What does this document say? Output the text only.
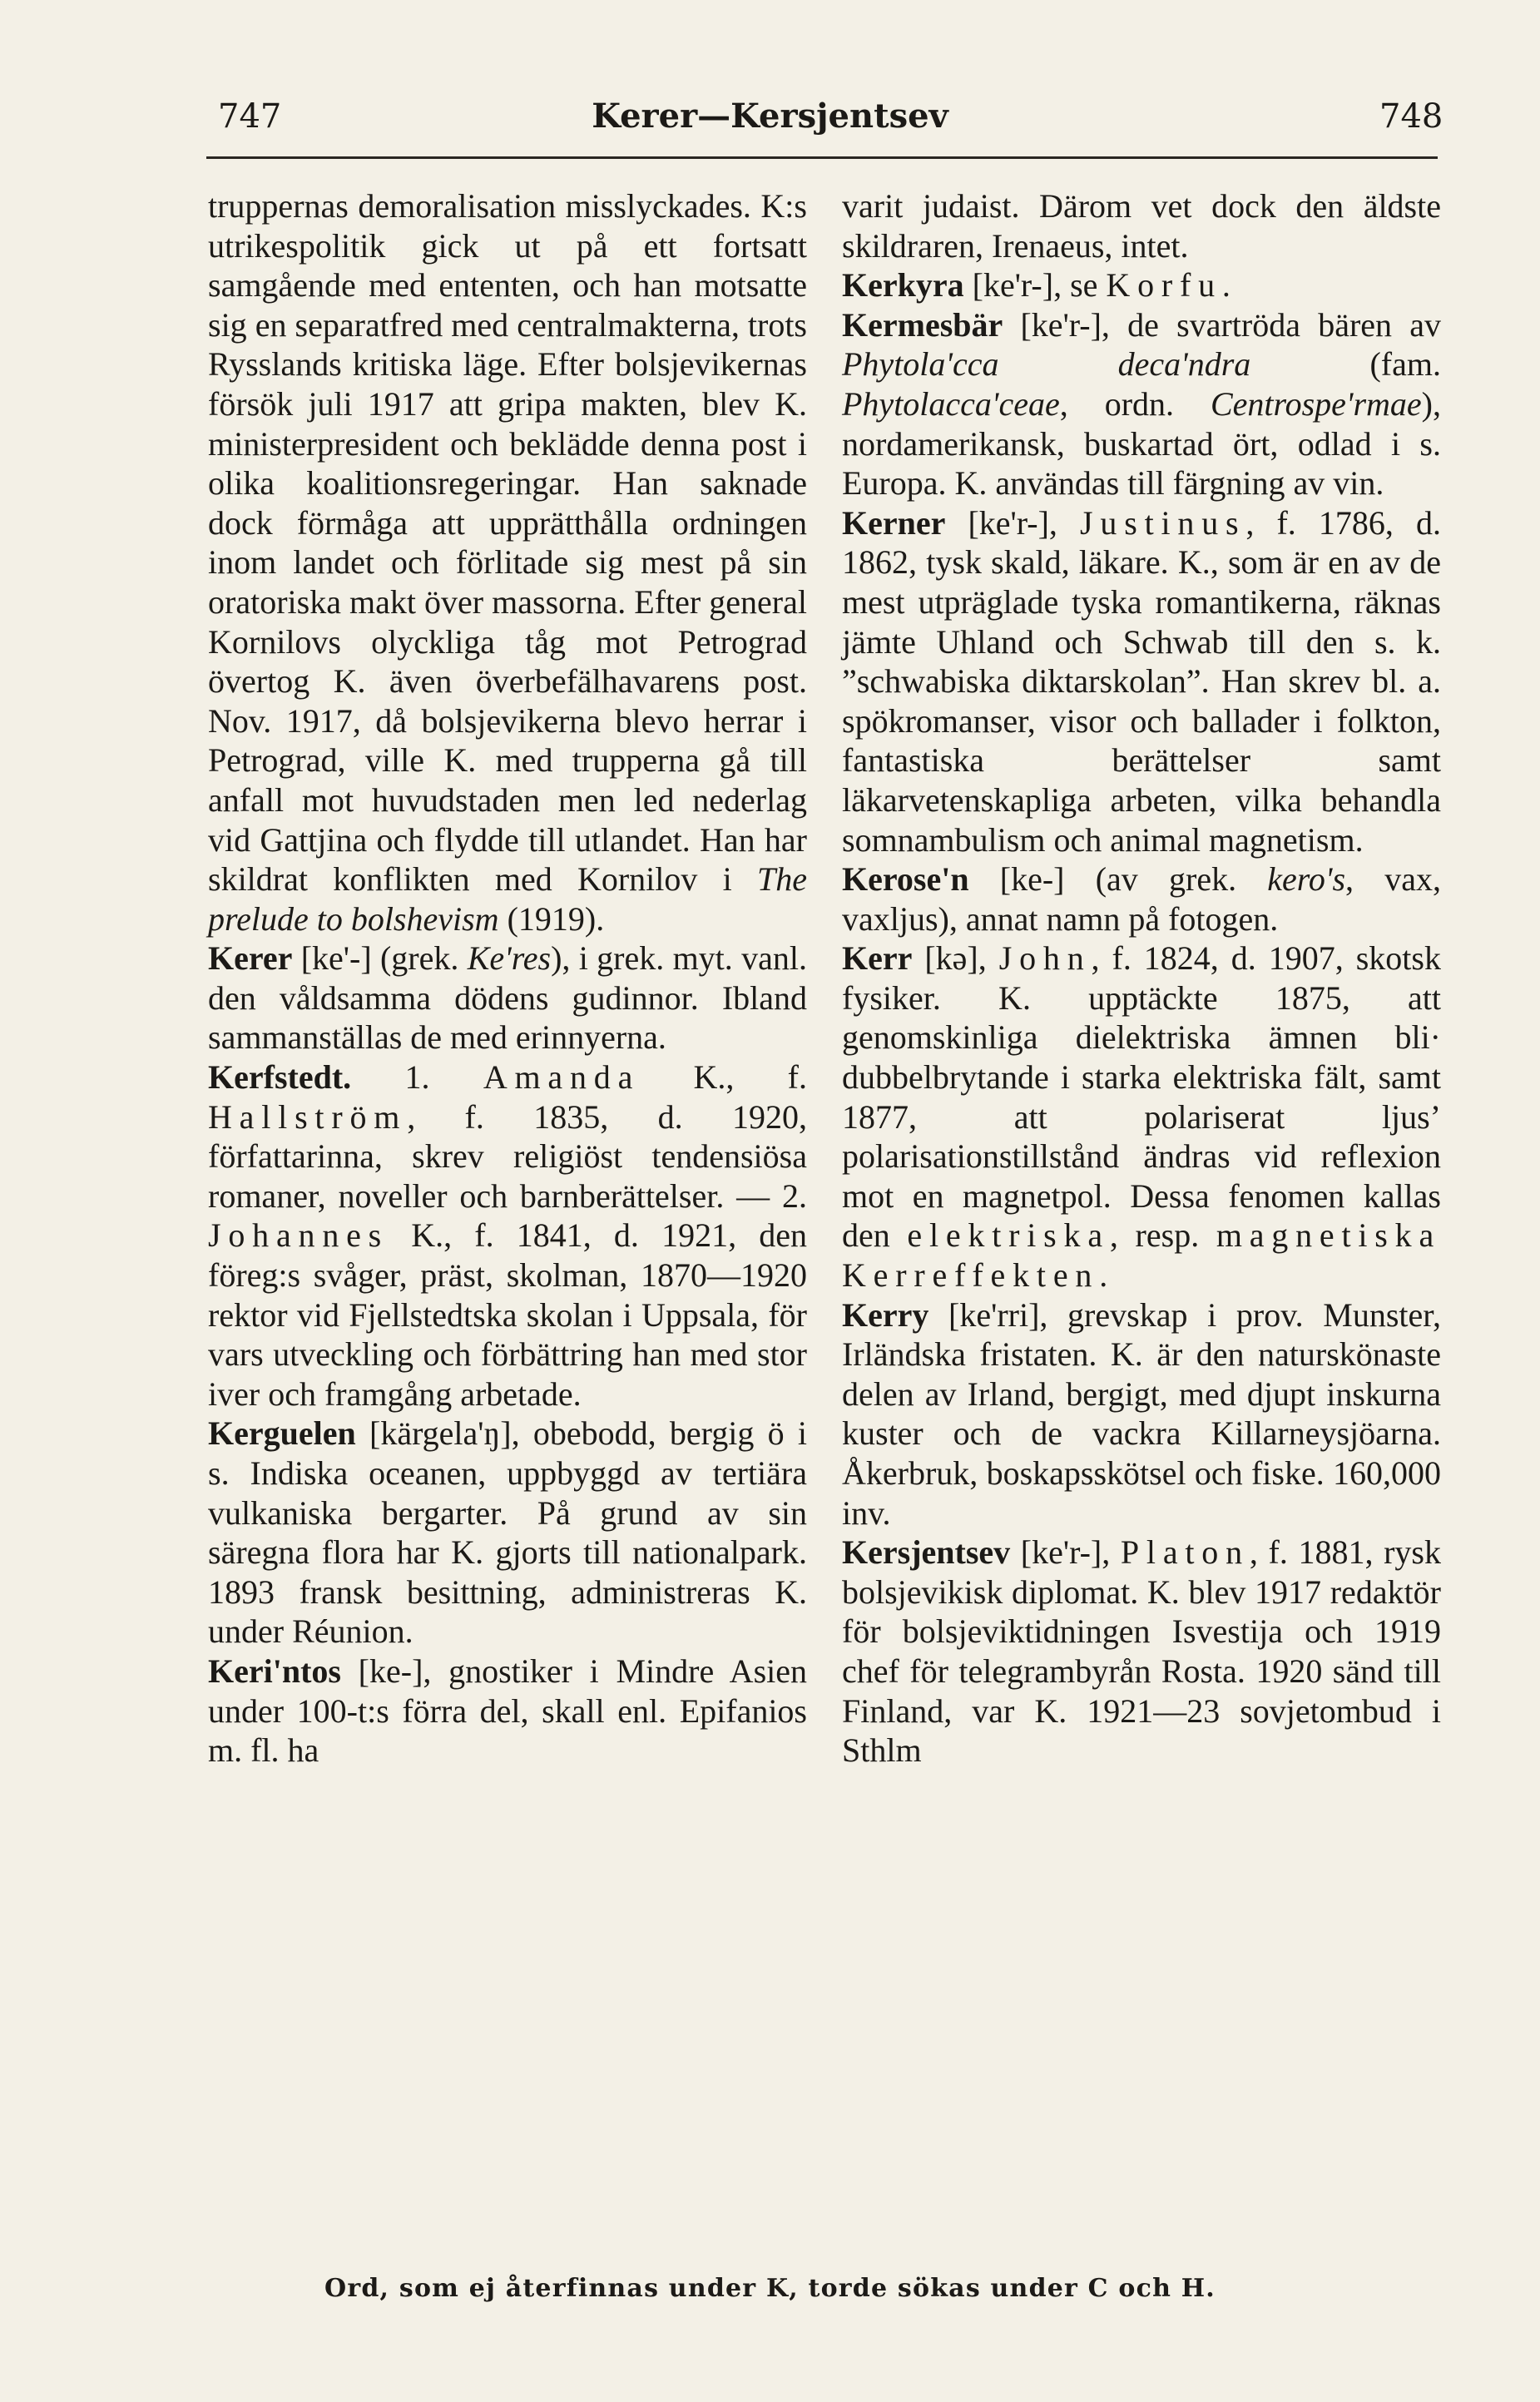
747	Kerer—Kersjentsev	748

truppernas demoralisation misslyckades. K:s utrikespolitik gick ut på ett fortsatt samgående med ententen, och han motsatte sig en separatfred med centralmakterna, trots Rysslands kritiska läge. Efter bolsjevikernas försök juli 1917 att gripa makten, blev K. ministerpresident och beklädde denna post i olika koalitionsregeringar. Han saknade dock förmåga att upprätthålla ordningen inom landet och förlitade sig mest på sin oratoriska makt över massorna. Efter general Kornilovs olyckliga tåg mot Petrograd övertog K. även överbefälhavarens post. Nov. 1917, då bolsjevikerna blevo herrar i Petrograd, ville K. med trupperna gå till anfall mot huvudstaden men led nederlag vid Gattjina och flydde till utlandet. Han har skildrat konflikten med Kornilov i The prelude to bolshevism (1919).

Kerer [ke'-] (grek. Ke'res), i grek. myt. vanl. den våldsamma dödens gudinnor. Ibland sammanställas de med erinnyerna.

Kerfstedt. 1. Amanda K., f. Hallström, f. 1835, d. 1920, författarinna, skrev religiöst tendensiösa romaner, noveller och barnberättelser. — 2. Johannes K., f. 1841, d. 1921, den föreg:s svåger, präst, skolman, 1870—1920 rektor vid Fjellstedtska skolan i Uppsala, för vars utveckling och förbättring han med stor iver och framgång arbetade.

Kerguelen [kärgela'ŋ], obebodd, bergig ö i s. Indiska oceanen, uppbyggd av tertiära vulkaniska bergarter. På grund av sin säregna flora har K. gjorts till nationalpark. 1893 fransk besittning, administreras K. under Réunion.

Keri'ntos [ke-], gnostiker i Mindre Asien under 100-t:s förra del, skall enl. Epifanios m. fl. ha

varit judaist. Därom vet dock den äldste skildraren, Irenaeus, intet.

Kerkyra [ke'r-], se Korfu.

Kermesbär [ke'r-], de svartröda bären av Phytola'cca deca'ndra (fam. Phytolacca'ceae, ordn. Centrospe'rmae), nordamerikansk, buskartad ört, odlad i s. Europa. K. användas till färgning av vin.

Kerner [ke'r-], Justinus, f. 1786, d. 1862, tysk skald, läkare. K., som är en av de mest utpräglade tyska romantikerna, räknas jämte Uhland och Schwab till den s. k. ”schwabiska diktarskolan”. Han skrev bl. a. spökromanser, visor och ballader i folkton, fantastiska berättelser samt läkarvetenskapliga arbeten, vilka behandla somnambulism och animal magnetism.

Kerose'n [ke-] (av grek. kero's, vax, vaxljus), annat namn på fotogen.

Kerr [kə], John, f. 1824, d. 1907, skotsk fysiker. K. upptäckte 1875, att genomskinliga dielektriska ämnen bli· dubbelbrytande i starka elektriska fält, samt 1877, att polariserat ljus’ polarisationstillstånd ändras vid reflexion mot en magnetpol. Dessa fenomen kallas den elektriska, resp. magnetiska Kerreffekten.

Kerry [ke'rri], grevskap i prov. Munster, Irländska fristaten. K. är den naturskönaste delen av Irland, bergigt, med djupt inskurna kuster och de vackra Killarneysjöarna. Åkerbruk, boskapsskötsel och fiske. 160,000 inv.

Kersjentsev [ke'r-], Platon, f. 1881, rysk bolsjevikisk diplomat. K. blev 1917 redaktör för bolsjeviktidningen Isvestija och 1919 chef för telegrambyrån Rosta. 1920 sänd till Finland, var K. 1921—23 sovjetombud i Sthlm

Ord, som ej återfinnas under K, torde sökas under C och H.
